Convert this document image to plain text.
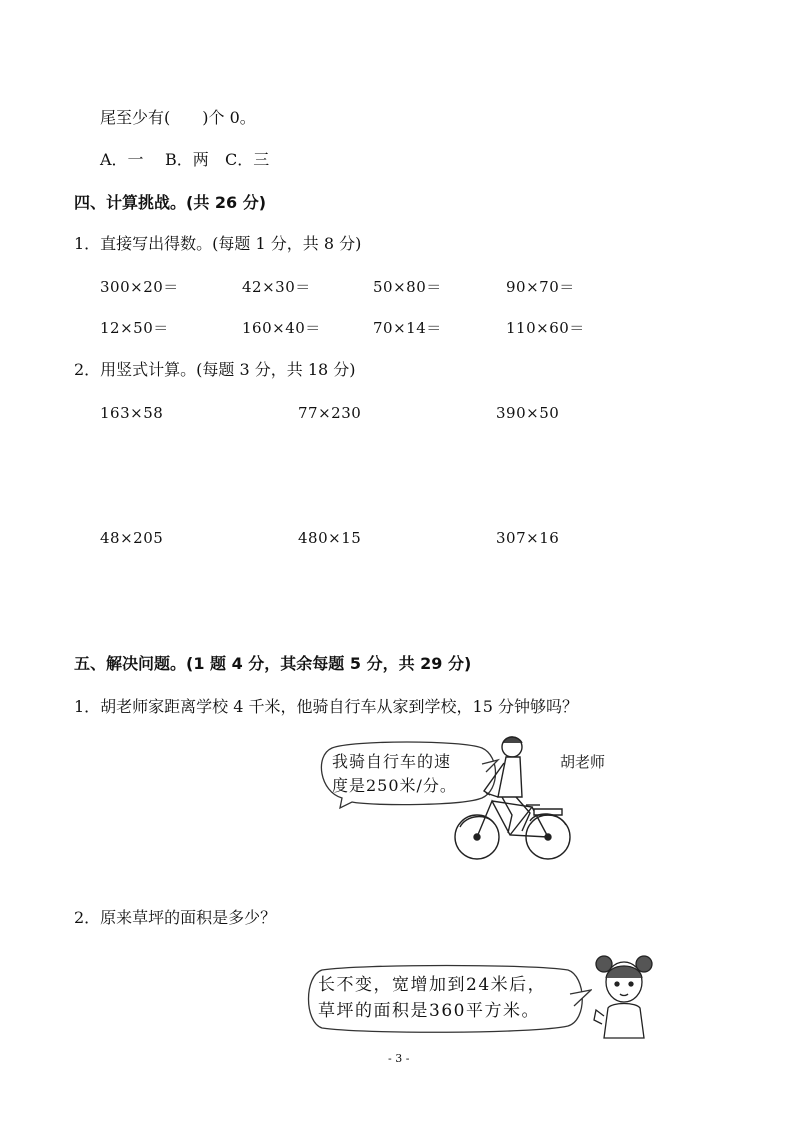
尾至少有(　　)个 0。
A．一 B．两 C．三
四、计算挑战。(共 26 分)
1．直接写出得数。(每题 1 分，共 8 分)
300×20＝	42×30＝	50×80＝	90×70＝
12×50＝	160×40＝	70×14＝	110×60＝
2．用竖式计算。(每题 3 分，共 18 分)
163×58	77×230	390×50
48×205	480×15	307×16
五、解决问题。(1 题 4 分，其余每题 5 分，共 29 分)
1．胡老师家距离学校 4 千米，他骑自行车从家到学校，15 分钟够吗？
我骑自行车的速
度是250米/分。
胡老师
2．原来草坪的面积是多少？
长不变，宽增加到24米后，
草坪的面积是360平方米。
- 3 -
